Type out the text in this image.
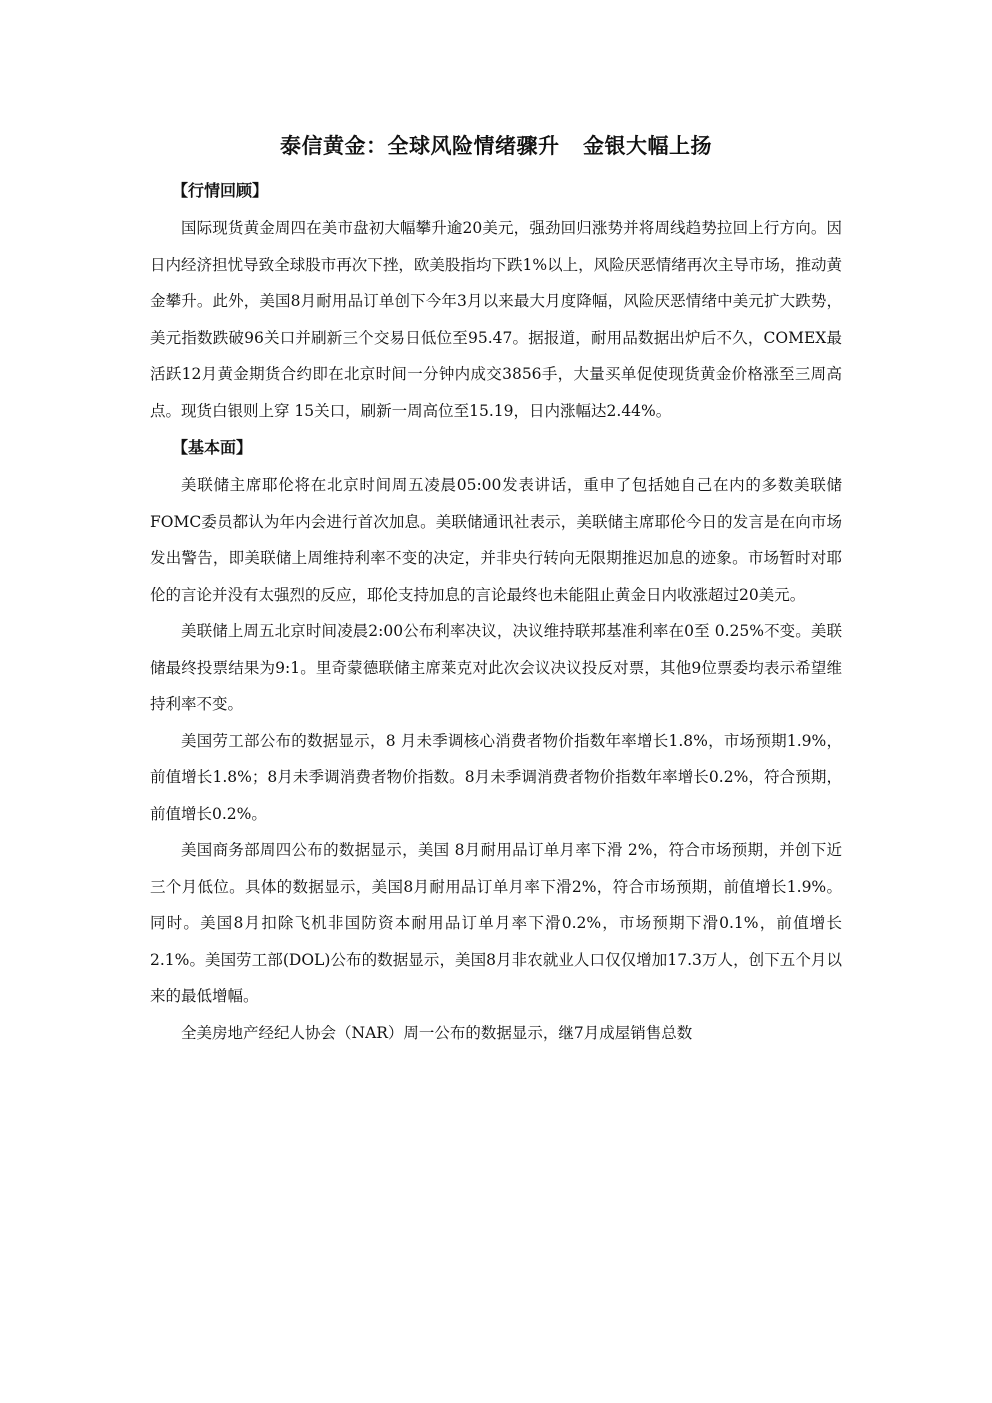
泰信黄金：全球风险情绪骤升   金银大幅上扬
【行情回顾】

国际现货黄金周四在美市盘初大幅攀升逾20美元，强劲回归涨势并将周线趋势拉回上行方向。因日内经济担忧导致全球股市再次下挫，欧美股指均下跌1%以上，风险厌恶情绪再次主导市场，推动黄金攀升。此外，美国8月耐用品订单创下今年3月以来最大月度降幅，风险厌恶情绪中美元扩大跌势，美元指数跌破96关口并刷新三个交易日低位至95.47。据报道，耐用品数据出炉后不久，COMEX最活跃12月黄金期货合约即在北京时间一分钟内成交3856手，大量买单促使现货黄金价格涨至三周高点。现货白银则上穿 15关口，刷新一周高位至15.19，日内涨幅达2.44%。

【基本面】

美联储主席耶伦将在北京时间周五凌晨05:00发表讲话，重申了包括她自己在内的多数美联储FOMC委员都认为年内会进行首次加息。美联储通讯社表示，美联储主席耶伦今日的发言是在向市场发出警告，即美联储上周维持利率不变的决定，并非央行转向无限期推迟加息的迹象。市场暂时对耶伦的言论并没有太强烈的反应，耶伦支持加息的言论最终也未能阻止黄金日内收涨超过20美元。

美联储上周五北京时间凌晨2:00公布利率决议，决议维持联邦基准利率在0至 0.25%不变。美联储最终投票结果为9:1。里奇蒙德联储主席莱克对此次会议决议投反对票，其他9位票委均表示希望维持利率不变。

美国劳工部公布的数据显示，8 月未季调核心消费者物价指数年率增长1.8%，市场预期1.9%，前值增长1.8%；8月未季调消费者物价指数。8月未季调消费者物价指数年率增长0.2%，符合预期，前值增长0.2%。

美国商务部周四公布的数据显示，美国 8月耐用品订单月率下滑 2%，符合市场预期，并创下近三个月低位。具体的数据显示，美国8月耐用品订单月率下滑2%，符合市场预期，前值增长1.9%。同时。美国8月扣除飞机非国防资本耐用品订单月率下滑0.2%，市场预期下滑0.1%，前值增长2.1%。美国劳工部(DOL)公布的数据显示，美国8月非农就业人口仅仅增加17.3万人，创下五个月以来的最低增幅。

全美房地产经纪人协会（NAR）周一公布的数据显示，继7月成屋销售总数
